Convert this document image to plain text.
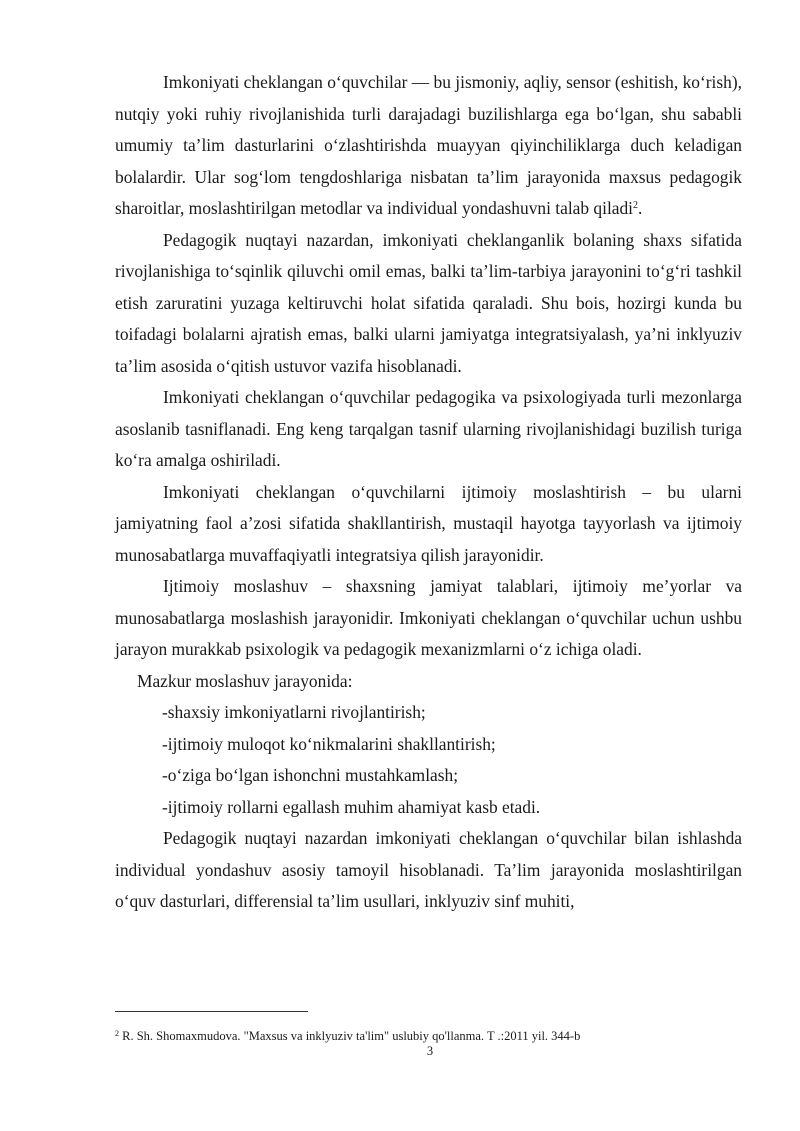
Imkoniyati cheklangan o‘quvchilar — bu jismoniy, aqliy, sensor (eshitish, ko‘rish), nutqiy yoki ruhiy rivojlanishida turli darajadagi buzilishlarga ega bo‘lgan, shu sababli umumiy ta’lim dasturlarini o‘zlashtirishda muayyan qiyinchiliklarga duch keladigan bolalardir. Ular sog‘lom tengdoshlariga nisbatan ta’lim jarayonida maxsus pedagogik sharoitlar, moslashtirilgan metodlar va individual yondashuvni talab qiladi$^2$.

Pedagogik nuqtayi nazardan, imkoniyati cheklanganlik bolaning shaxs sifatida rivojlanishiga to‘sqinlik qiluvchi omil emas, balki ta’lim-tarbiya jarayonini to‘g‘ri tashkil etish zaruratini yuzaga keltiruvchi holat sifatida qaraladi. Shu bois, hozirgi kunda bu toifadagi bolalarni ajratish emas, balki ularni jamiyatga integratsiyalash, ya’ni inklyuziv ta’lim asosida o‘qitish ustuvor vazifa hisoblanadi.

Imkoniyati cheklangan o‘quvchilar pedagogika va psixologiyada turli mezonlarga asoslanib tasniflanadi. Eng keng tarqalgan tasnif ularning rivojlanishidagi buzilish turiga ko‘ra amalga oshiriladi.

Imkoniyati cheklangan o‘quvchilarni ijtimoiy moslashtirish – bu ularni jamiyatning faol a’zosi sifatida shakllantirish, mustaqil hayotga tayyorlash va ijtimoiy munosabatlarga muvaffaqiyatli integratsiya qilish jarayonidir.

Ijtimoiy moslashuv – shaxsning jamiyat talablari, ijtimoiy me’yorlar va munosabatlarga moslashish jarayonidir. Imkoniyati cheklangan o‘quvchilar uchun ushbu jarayon murakkab psixologik va pedagogik mexanizmlarni o‘z ichiga oladi.

Mazkur moslashuv jarayonida:

-shaxsiy imkoniyatlarni rivojlantirish;

-ijtimoiy muloqot ko‘nikmalarini shakllantirish;

-o‘ziga bo‘lgan ishonchni mustahkamlash;

-ijtimoiy rollarni egallash muhim ahamiyat kasb etadi.

Pedagogik nuqtayi nazardan imkoniyati cheklangan o‘quvchilar bilan ishlashda individual yondashuv asosiy tamoyil hisoblanadi. Ta’lim jarayonida moslashtirilgan o‘quv dasturlari, differensial ta’lim usullari, inklyuziv sinf muhiti,

$^2$ R. Sh. Shomaxmudova. "Maxsus va inklyuziv ta'lim" uslubiy qo'llanma. T .:2011 yil. 344-b
3
